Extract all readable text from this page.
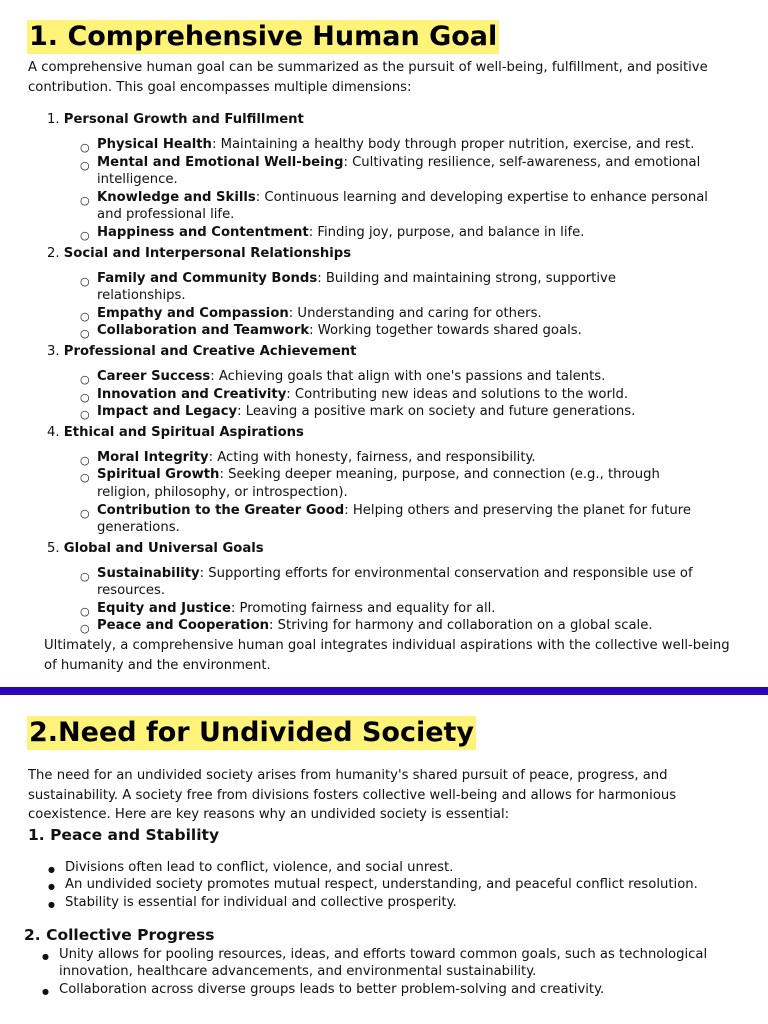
1. Comprehensive Human Goal

A comprehensive human goal can be summarized as the pursuit of well-being, fulfillment, and positive contribution. This goal encompasses multiple dimensions:

1. Personal Growth and Fulfillment
○ Physical Health: Maintaining a healthy body through proper nutrition, exercise, and rest.
○ Mental and Emotional Well-being: Cultivating resilience, self-awareness, and emotional intelligence.
○ Knowledge and Skills: Continuous learning and developing expertise to enhance personal and professional life.
○ Happiness and Contentment: Finding joy, purpose, and balance in life.
2. Social and Interpersonal Relationships
○ Family and Community Bonds: Building and maintaining strong, supportive relationships.
○ Empathy and Compassion: Understanding and caring for others.
○ Collaboration and Teamwork: Working together towards shared goals.
3. Professional and Creative Achievement
○ Career Success: Achieving goals that align with one's passions and talents.
○ Innovation and Creativity: Contributing new ideas and solutions to the world.
○ Impact and Legacy: Leaving a positive mark on society and future generations.
4. Ethical and Spiritual Aspirations
○ Moral Integrity: Acting with honesty, fairness, and responsibility.
○ Spiritual Growth: Seeking deeper meaning, purpose, and connection (e.g., through religion, philosophy, or introspection).
○ Contribution to the Greater Good: Helping others and preserving the planet for future generations.
5. Global and Universal Goals
○ Sustainability: Supporting efforts for environmental conservation and responsible use of resources.
○ Equity and Justice: Promoting fairness and equality for all.
○ Peace and Cooperation: Striving for harmony and collaboration on a global scale.

Ultimately, a comprehensive human goal integrates individual aspirations with the collective well-being of humanity and the environment.

2.Need for Undivided Society

The need for an undivided society arises from humanity's shared pursuit of peace, progress, and sustainability. A society free from divisions fosters collective well-being and allows for harmonious coexistence. Here are key reasons why an undivided society is essential:

1. Peace and Stability
● Divisions often lead to conflict, violence, and social unrest.
● An undivided society promotes mutual respect, understanding, and peaceful conflict resolution.
● Stability is essential for individual and collective prosperity.
2. Collective Progress
● Unity allows for pooling resources, ideas, and efforts toward common goals, such as technological innovation, healthcare advancements, and environmental sustainability.
● Collaboration across diverse groups leads to better problem-solving and creativity.
